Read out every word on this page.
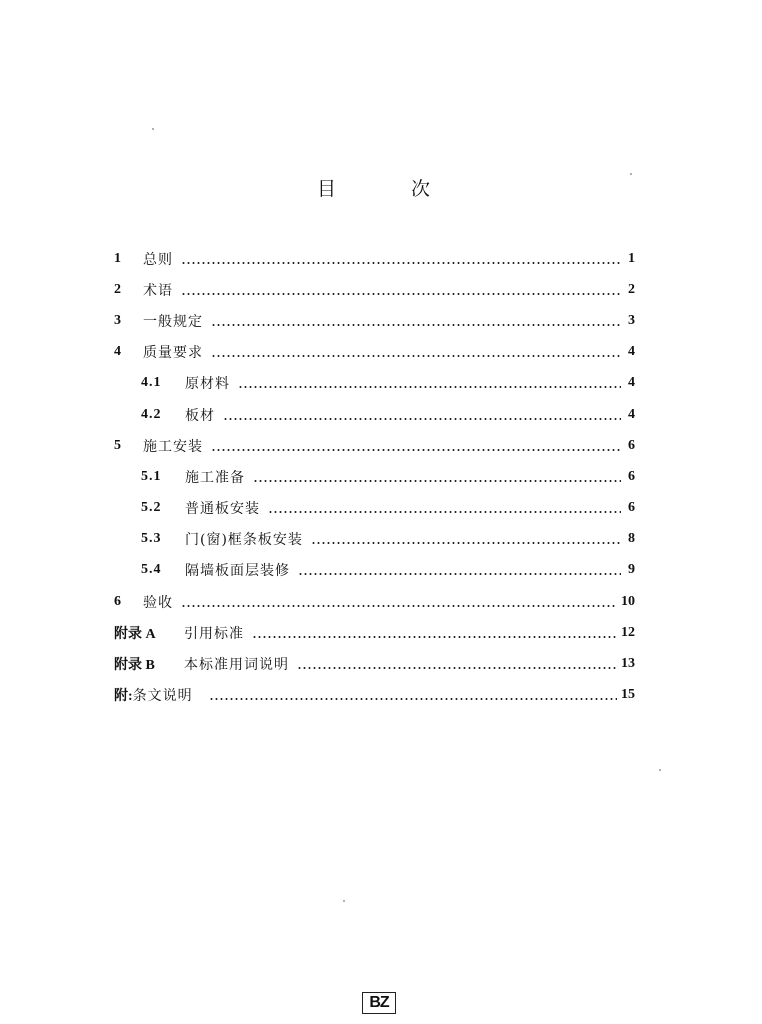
目	次
1	总则	1
2	术语	2
3	一般规定	3
4	质量要求	4
4.1	原材料	4
4.2	板材	4
5	施工安装	6
5.1	施工准备	6
5.2	普通板安装	6
5.3	门(窗)框条板安装	8
5.4	隔墙板面层装修	9
6	验收	10
附录 A	引用标准	12
附录 B	本标准用词说明	13
附: 条文说明	15
BZ
